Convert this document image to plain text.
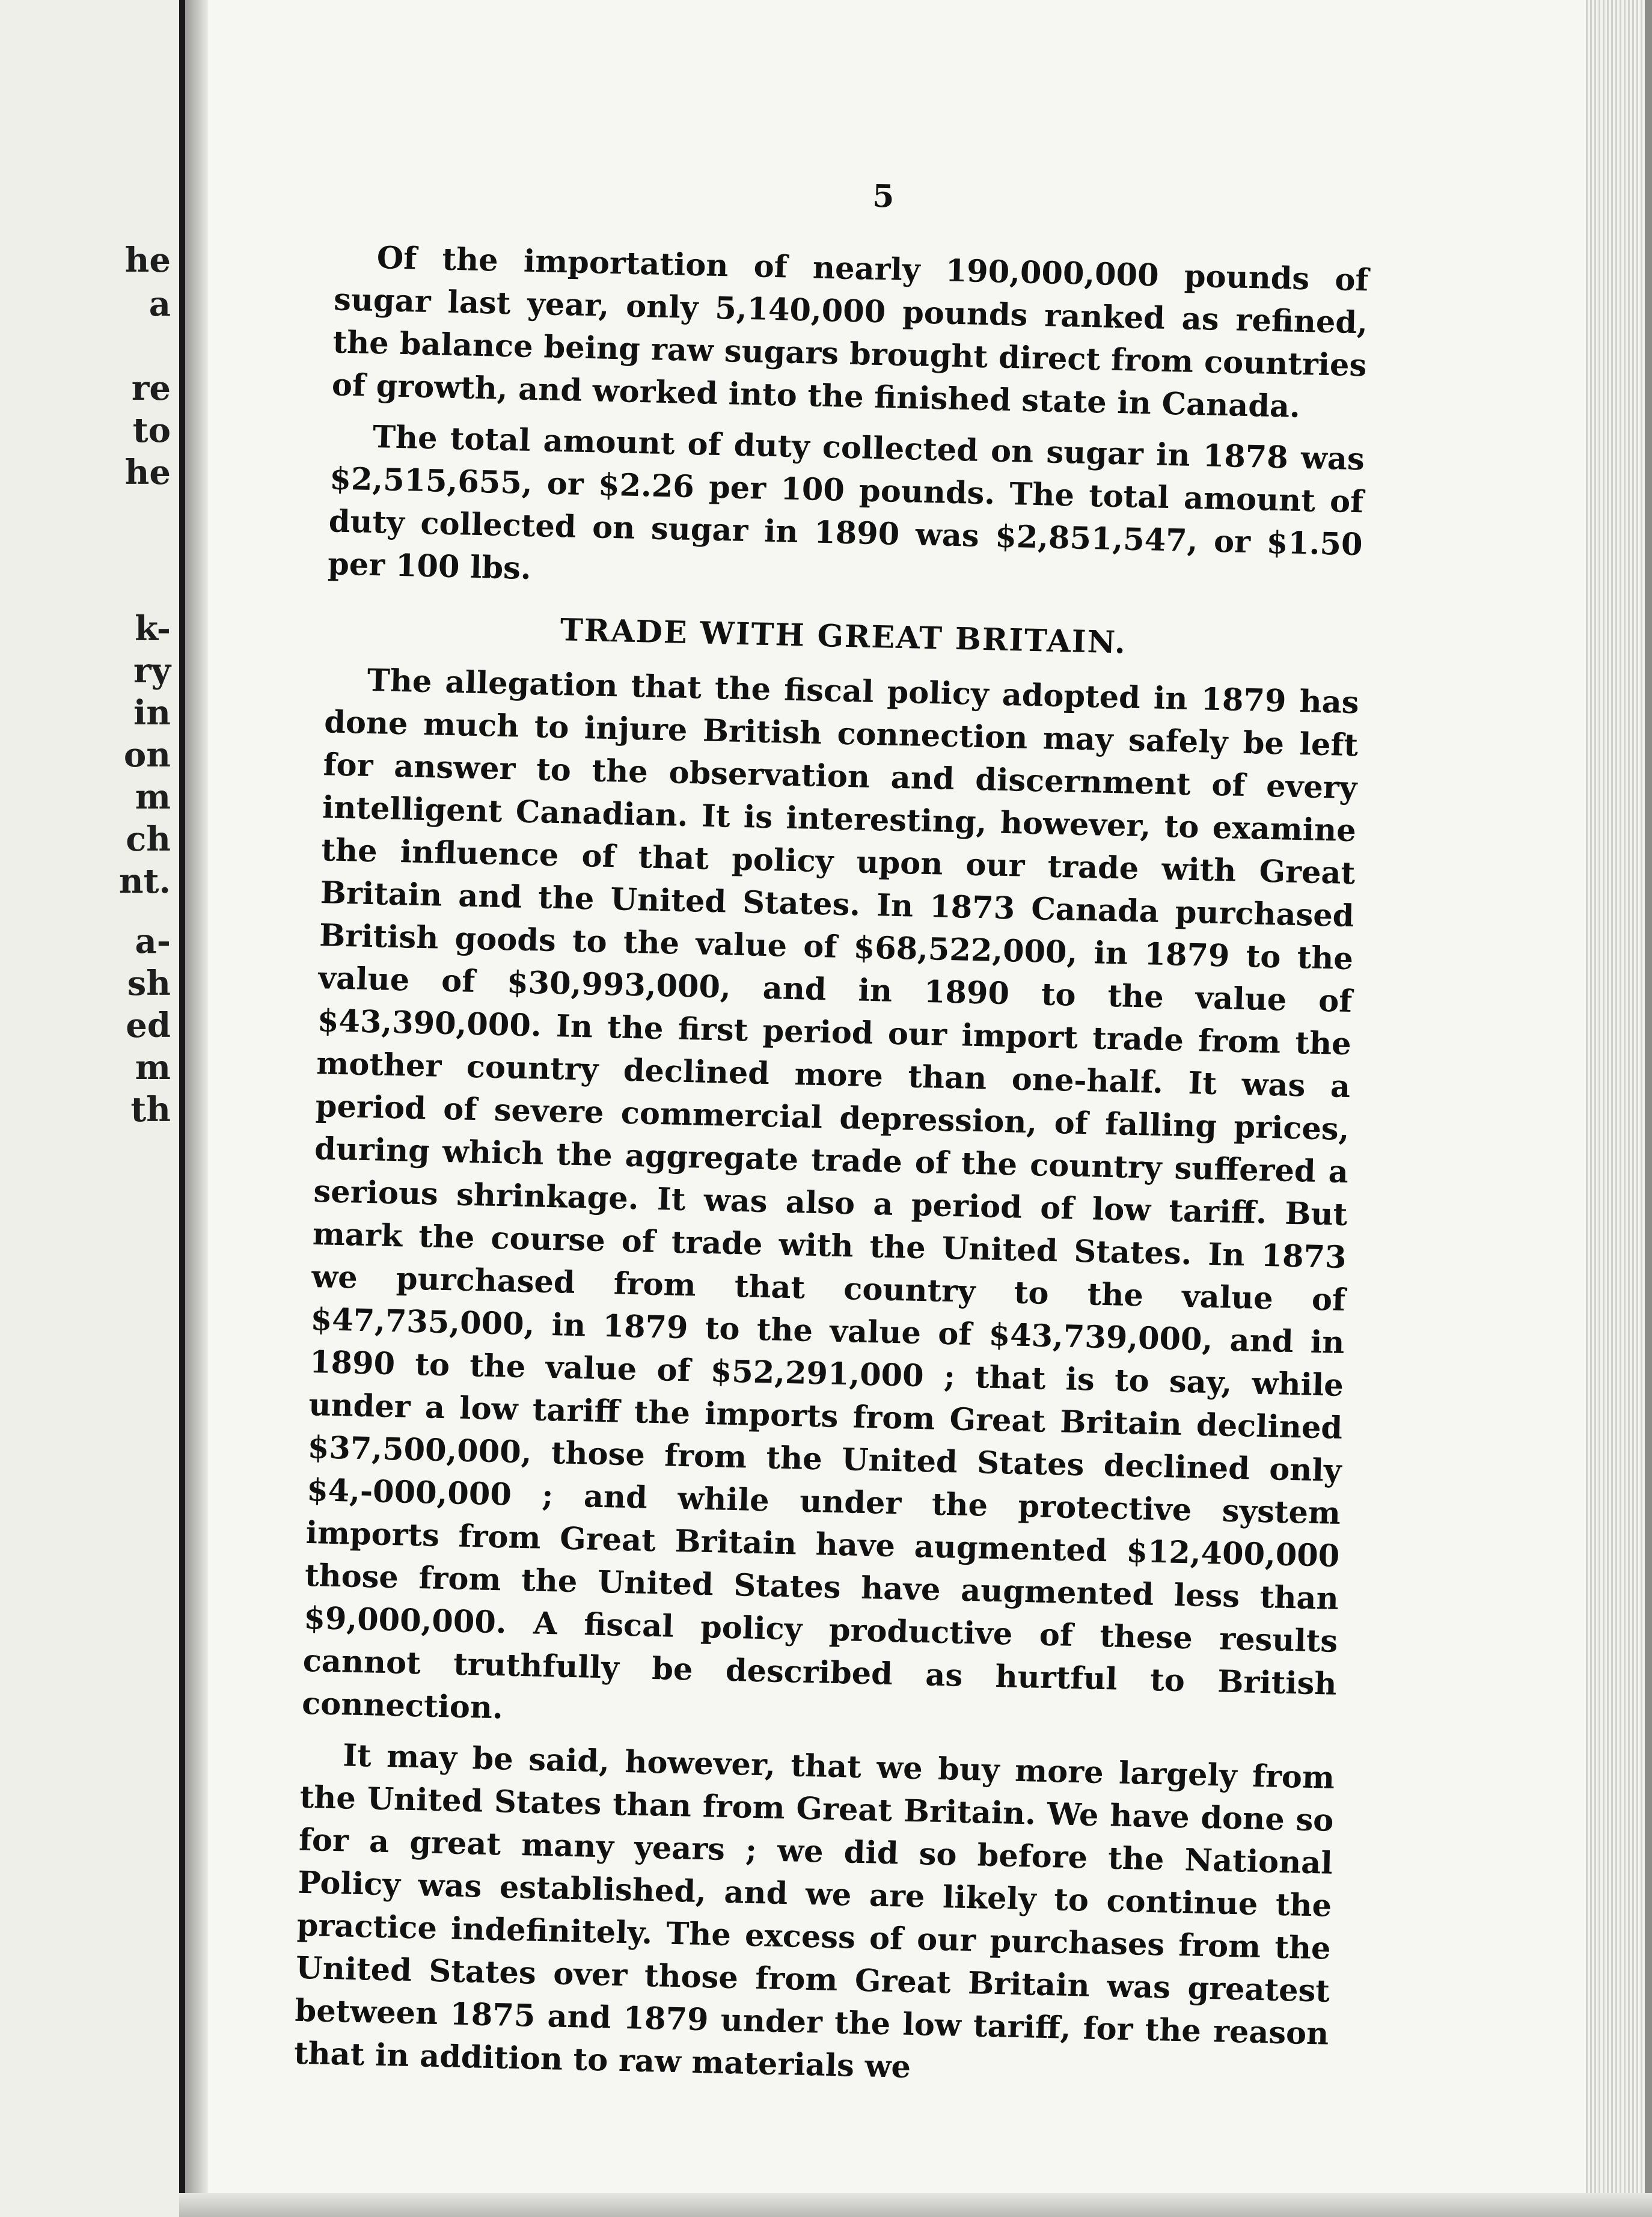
he
a
re
to
he
k-
ry
in
on
m
ch
nt.
a-
sh
ed
m
th
5

Of the importation of nearly 190,000,000 pounds of sugar last year, only 5,140,000 pounds ranked as refined, the balance being raw sugars brought direct from countries of growth, and worked into the finished state in Canada.

The total amount of duty collected on sugar in 1878 was $2,515,655, or $2.26 per 100 pounds. The total amount of duty collected on sugar in 1890 was $2,851,547, or $1.50 per 100 lbs.

TRADE WITH GREAT BRITAIN.

The allegation that the fiscal policy adopted in 1879 has done much to injure British connection may safely be left for answer to the observation and discernment of every intelligent Canadian. It is interesting, however, to examine the influence of that policy upon our trade with Great Britain and the United States. In 1873 Canada purchased British goods to the value of $68,522,000, in 1879 to the value of $30,993,000, and in 1890 to the value of $43,390,000. In the first period our import trade from the mother country declined more than one-half. It was a period of severe commercial depression, of falling prices, during which the aggregate trade of the country suffered a serious shrinkage. It was also a period of low tariff. But mark the course of trade with the United States. In 1873 we purchased from that country to the value of $47,735,000, in 1879 to the value of $43,739,000, and in 1890 to the value of $52,291,000 ; that is to say, while under a low tariff the imports from Great Britain declined $37,500,000, those from the United States declined only $4,-000,000 ; and while under the protective system imports from Great Britain have augmented $12,400,000 those from the United States have augmented less than $9,000,000. A fiscal policy productive of these results cannot truthfully be described as hurtful to British connection.

It may be said, however, that we buy more largely from the United States than from Great Britain. We have done so for a great many years ; we did so before the National Policy was established, and we are likely to continue the practice indefinitely. The excess of our purchases from the United States over those from Great Britain was greatest between 1875 and 1879 under the low tariff, for the reason that in addition to raw materials we
